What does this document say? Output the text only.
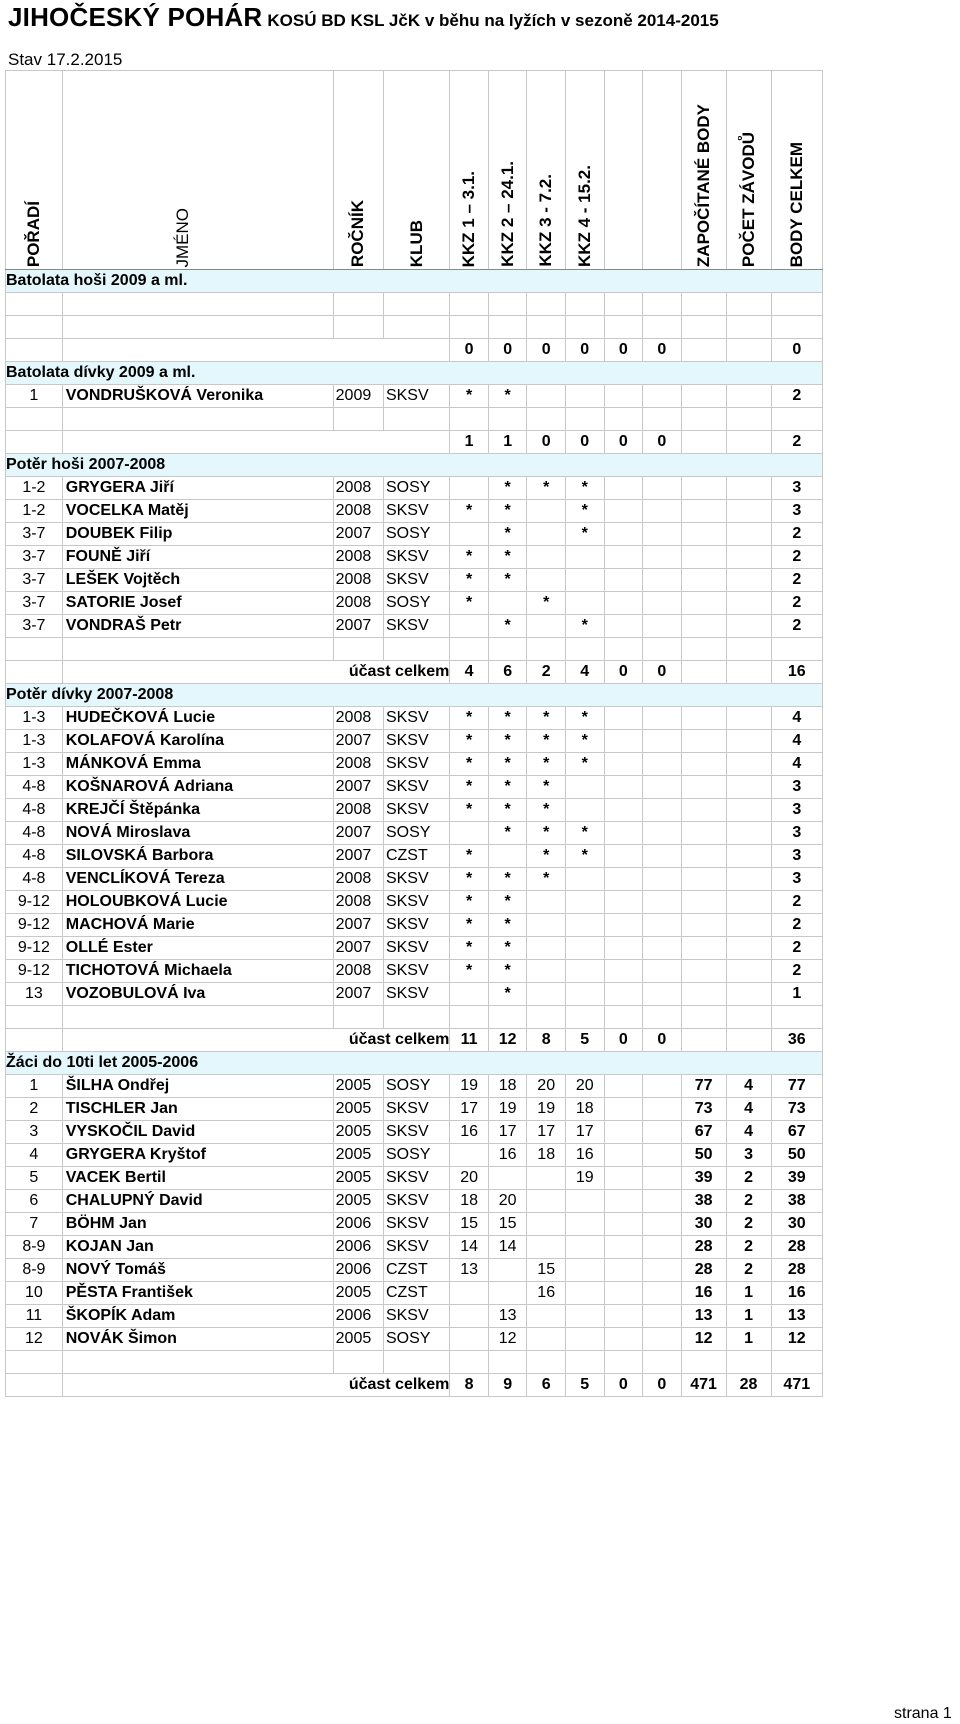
JIHOČESKÝ POHÁR KOSÚ BD KSL JčK v běhu na lyžích v sezoně 2014-2015
Stav 17.2.2015
POŘADÍ	JMÉNO	ROČNÍK	KLUB	KKZ 1 – 3.1.	KKZ 2 – 24.1.	KKZ 3 - 7.2.	KKZ 4 - 15.2.			ZAPOČÍTANÉ BODY	POČET ZÁVODŮ	BODY CELKEM

Batolata hoši 2009 a ml.												

				0	0	0	0	0	0			0
Batolata dívky 2009 a ml.												
1	VONDRUŠKOVÁ Veronika	2009	SKSV	*	*							2

				1	1	0	0	0	0			2
Potěr hoši 2007-2008												
1-2	GRYGERA Jiří	2008	SOSY		*	*	*					3
1-2	VOCELKA Matěj	2008	SKSV	*	*		*					3
3-7	DOUBEK Filip	2007	SOSY		*		*					2
3-7	FOUNĚ Jiří	2008	SKSV	*	*							2
3-7	LEŠEK Vojtěch	2008	SKSV	*	*							2
3-7	SATORIE Josef	2008	SOSY	*		*						2
3-7	VONDRAŠ Petr	2007	SKSV		*		*					2

	účast celkem			4	6	2	4	0	0			16
Potěr dívky 2007-2008												
1-3	HUDEČKOVÁ Lucie	2008	SKSV	*	*	*	*					4
1-3	KOLAFOVÁ Karolína	2007	SKSV	*	*	*	*					4
1-3	MÁNKOVÁ Emma	2008	SKSV	*	*	*	*					4
4-8	KOŠNAROVÁ Adriana	2007	SKSV	*	*	*						3
4-8	KREJČÍ Štěpánka	2008	SKSV	*	*	*						3
4-8	NOVÁ Miroslava	2007	SOSY		*	*	*					3
4-8	SILOVSKÁ Barbora	2007	CZST	*		*	*					3
4-8	VENCLÍKOVÁ Tereza	2008	SKSV	*	*	*						3
9-12	HOLOUBKOVÁ Lucie	2008	SKSV	*	*							2
9-12	MACHOVÁ Marie	2007	SKSV	*	*							2
9-12	OLLÉ Ester	2007	SKSV	*	*							2
9-12	TICHOTOVÁ Michaela	2008	SKSV	*	*							2
13	VOZOBULOVÁ Iva	2007	SKSV		*							1

	účast celkem			11	12	8	5	0	0			36
Žáci do 10ti let 2005-2006												
1	ŠILHA Ondřej	2005	SOSY	19	18	20	20			77	4	77
2	TISCHLER Jan	2005	SKSV	17	19	19	18			73	4	73
3	VYSKOČIL David	2005	SKSV	16	17	17	17			67	4	67
4	GRYGERA Kryštof	2005	SOSY		16	18	16			50	3	50
5	VACEK Bertil	2005	SKSV	20			19			39	2	39
6	CHALUPNÝ David	2005	SKSV	18	20					38	2	38
7	BÖHM Jan	2006	SKSV	15	15					30	2	30
8-9	KOJAN Jan	2006	SKSV	14	14					28	2	28
8-9	NOVÝ Tomáš	2006	CZST	13		15				28	2	28
10	PĚSTA František	2005	CZST			16				16	1	16
11	ŠKOPÍK Adam	2006	SKSV		13					13	1	13
12	NOVÁK Šimon	2005	SOSY		12					12	1	12

	účast celkem			8	9	6	5	0	0	471	28	471
strana 1
